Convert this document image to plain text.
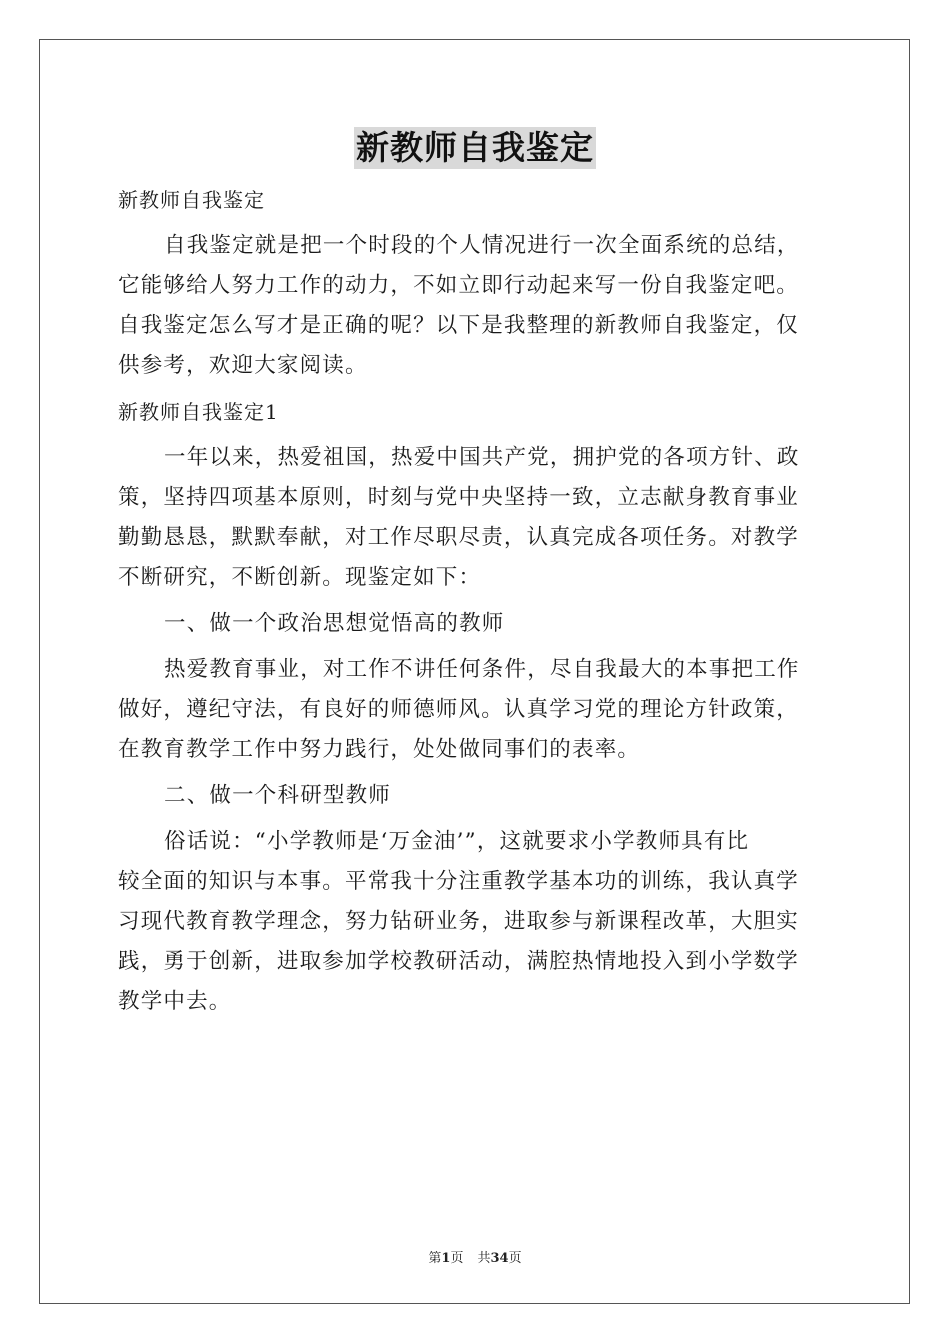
新教师自我鉴定
新教师自我鉴定
自我鉴定就是把一个时段的个人情况进行一次全面系统的总结，
它能够给人努力工作的动力，不如立即行动起来写一份自我鉴定吧。
自我鉴定怎么写才是正确的呢？以下是我整理的新教师自我鉴定，仅
供参考，欢迎大家阅读。
新教师自我鉴定1
一年以来，热爱祖国，热爱中国共产党，拥护党的各项方针、政
策，坚持四项基本原则，时刻与党中央坚持一致，立志献身教育事业
勤勤恳恳，默默奉献，对工作尽职尽责，认真完成各项任务。对教学
不断研究，不断创新。现鉴定如下：
一、做一个政治思想觉悟高的教师
热爱教育事业，对工作不讲任何条件，尽自我最大的本事把工作
做好，遵纪守法，有良好的师德师风。认真学习党的理论方针政策，
在教育教学工作中努力践行，处处做同事们的表率。
二、做一个科研型教师
俗话说：“小学教师是‘万金油’”，这就要求小学教师具有比
较全面的知识与本事。平常我十分注重教学基本功的训练，我认真学
习现代教育教学理念，努力钻研业务，进取参与新课程改革，大胆实
践，勇于创新，进取参加学校教研活动，满腔热情地投入到小学数学
教学中去。
第1页 共34页
